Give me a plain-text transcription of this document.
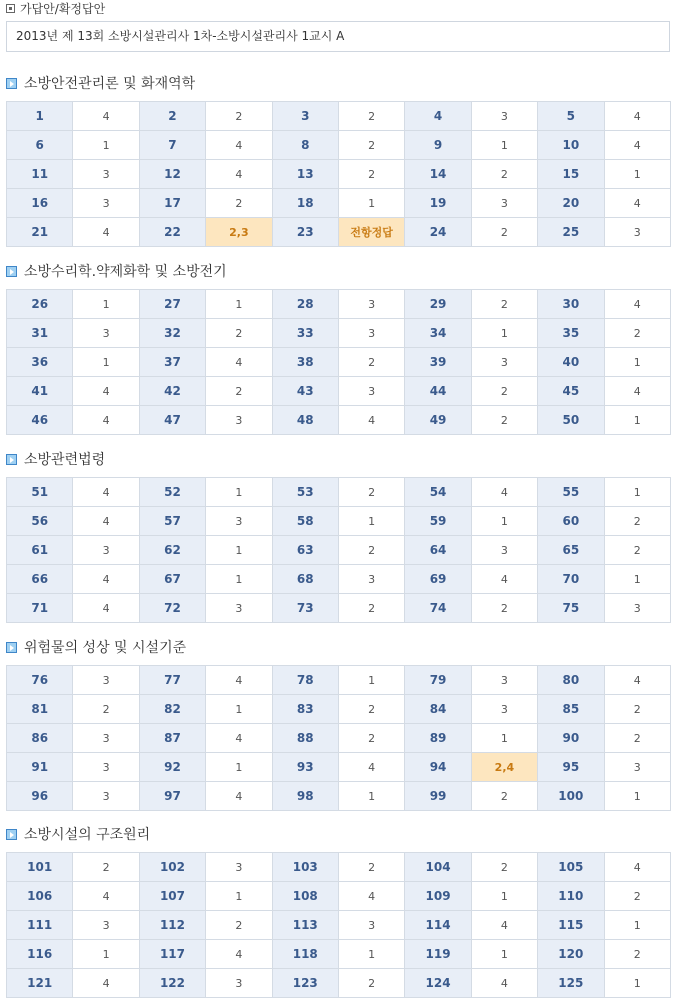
가답안/확정답안
2013년 제 13회 소방시설관리사 1차-소방시설관리사 1교시 A
소방안전관리론 및 화재역학
1	4	2	2	3	2	4	3	5	4
6	1	7	4	8	2	9	1	10	4
11	3	12	4	13	2	14	2	15	1
16	3	17	2	18	1	19	3	20	4
21	4	22	2,3	23	전항정답	24	2	25	3
소방수리학.약제화학 및 소방전기
26	1	27	1	28	3	29	2	30	4
31	3	32	2	33	3	34	1	35	2
36	1	37	4	38	2	39	3	40	1
41	4	42	2	43	3	44	2	45	4
46	4	47	3	48	4	49	2	50	1
소방관련법령
51	4	52	1	53	2	54	4	55	1
56	4	57	3	58	1	59	1	60	2
61	3	62	1	63	2	64	3	65	2
66	4	67	1	68	3	69	4	70	1
71	4	72	3	73	2	74	2	75	3
위험물의 성상 및 시설기준
76	3	77	4	78	1	79	3	80	4
81	2	82	1	83	2	84	3	85	2
86	3	87	4	88	2	89	1	90	2
91	3	92	1	93	4	94	2,4	95	3
96	3	97	4	98	1	99	2	100	1
소방시설의 구조원리
101	2	102	3	103	2	104	2	105	4
106	4	107	1	108	4	109	1	110	2
111	3	112	2	113	3	114	4	115	1
116	1	117	4	118	1	119	1	120	2
121	4	122	3	123	2	124	4	125	1
